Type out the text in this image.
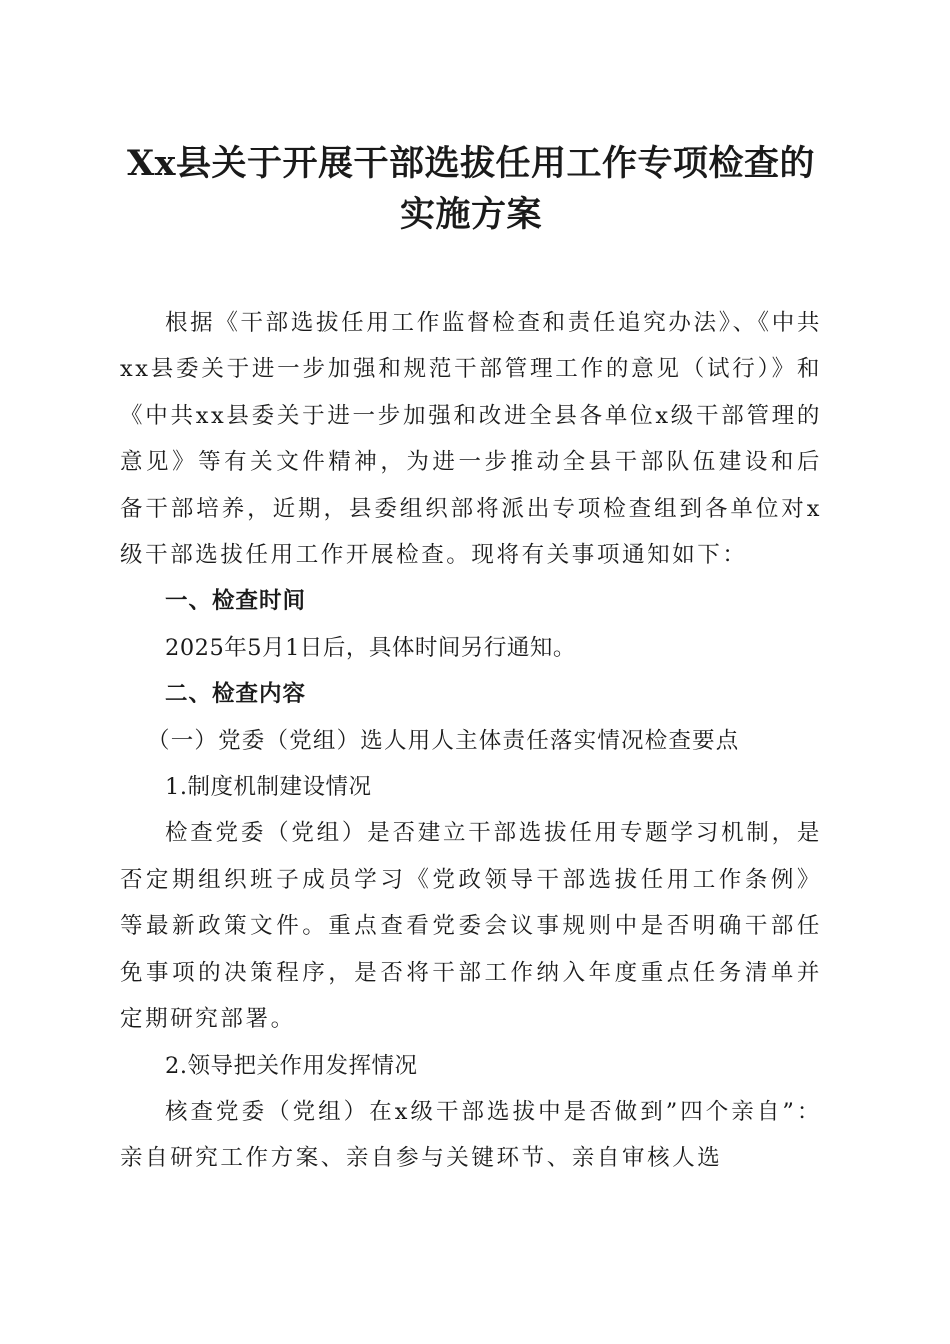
Xx县关于开展干部选拔任用工作专项检查的
实施方案

根据《干部选拔任用工作监督检查和责任追究办法》、《中共xx县委关于进一步加强和规范干部管理工作的意见（试行）》和《中共xx县委关于进一步加强和改进全县各单位x级干部管理的意见》等有关文件精神，为进一步推动全县干部队伍建设和后备干部培养，近期，县委组织部将派出专项检查组到各单位对x级干部选拔任用工作开展检查。现将有关事项通知如下：

一、检查时间

2025年5月1日后，具体时间另行通知。

二、检查内容

（一）党委（党组）选人用人主体责任落实情况检查要点

1.制度机制建设情况

检查党委（党组）是否建立干部选拔任用专题学习机制，是否定期组织班子成员学习《党政领导干部选拔任用工作条例》等最新政策文件。重点查看党委会议事规则中是否明确干部任免事项的决策程序，是否将干部工作纳入年度重点任务清单并定期研究部署。

2.领导把关作用发挥情况

核查党委（党组）在x级干部选拔中是否做到”四个亲自”：亲自研究工作方案、亲自参与关键环节、亲自审核人选
